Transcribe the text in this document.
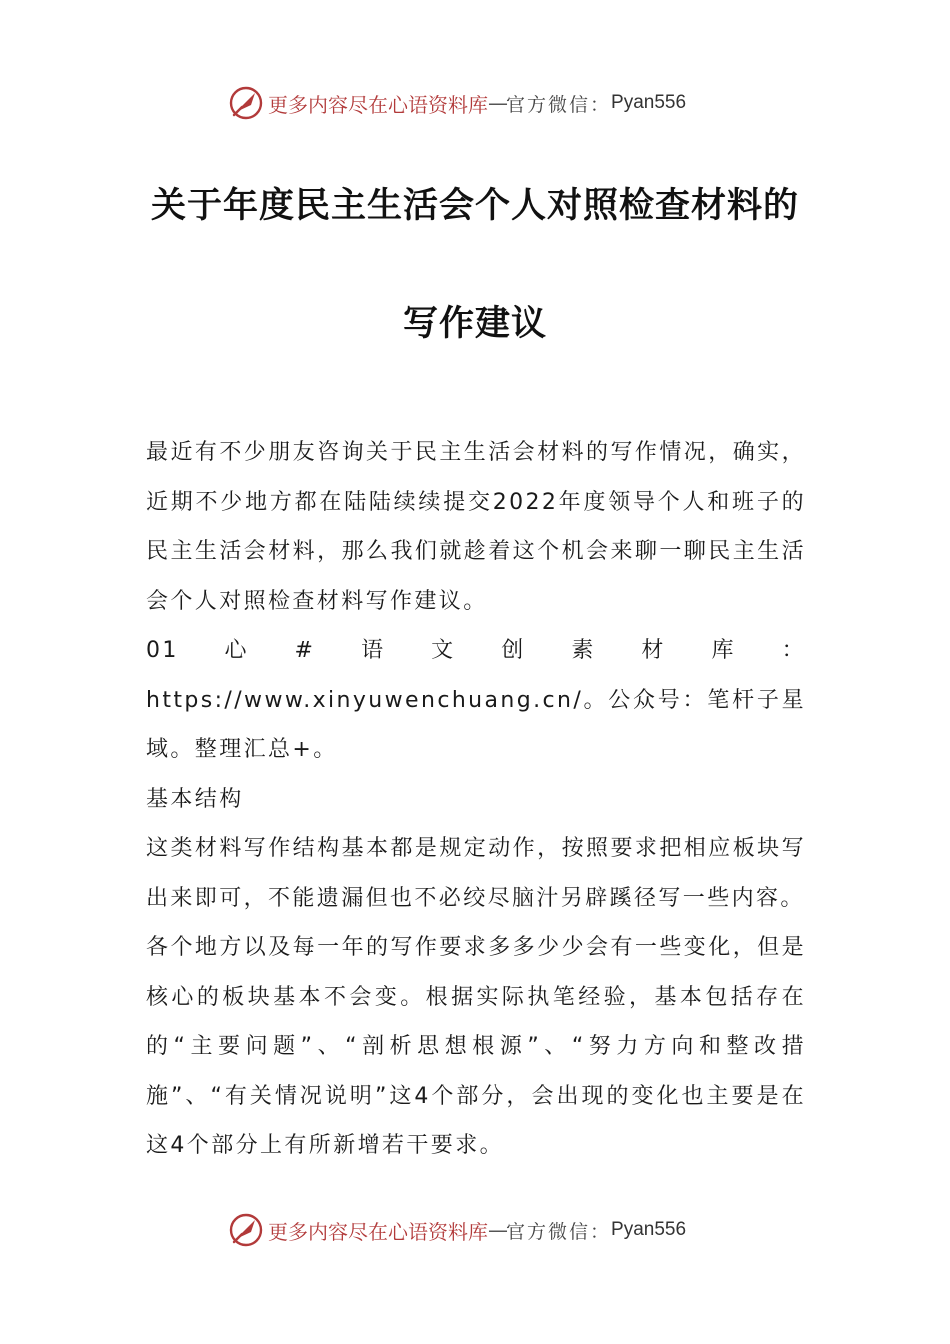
更多内容尽在心语资料库 — 官方微信： Pyan556
关于年度民主生活会个人对照检查材料的
写作建议

最近有不少朋友咨询关于民主生活会材料的写作情况，确实，近期不少地方都在陆陆续续提交2022年度领导个人和班子的民主生活会材料，那么我们就趁着这个机会来聊一聊民主生活会个人对照检查材料写作建议。

01心#语文创素材库：https://www.xinyuwenchuang.cn/。公众号：笔杆子星域。整理汇总+。

基本结构

这类材料写作结构基本都是规定动作，按照要求把相应板块写出来即可，不能遗漏但也不必绞尽脑汁另辟蹊径写一些内容。

各个地方以及每一年的写作要求多多少少会有一些变化，但是核心的板块基本不会变。根据实际执笔经验，基本包括存在的“主要问题”、“剖析思想根源”、“努力方向和整改措施”、“有关情况说明”这4个部分，会出现的变化也主要是在这4个部分上有所新增若干要求。

更多内容尽在心语资料库 — 官方微信： Pyan556
